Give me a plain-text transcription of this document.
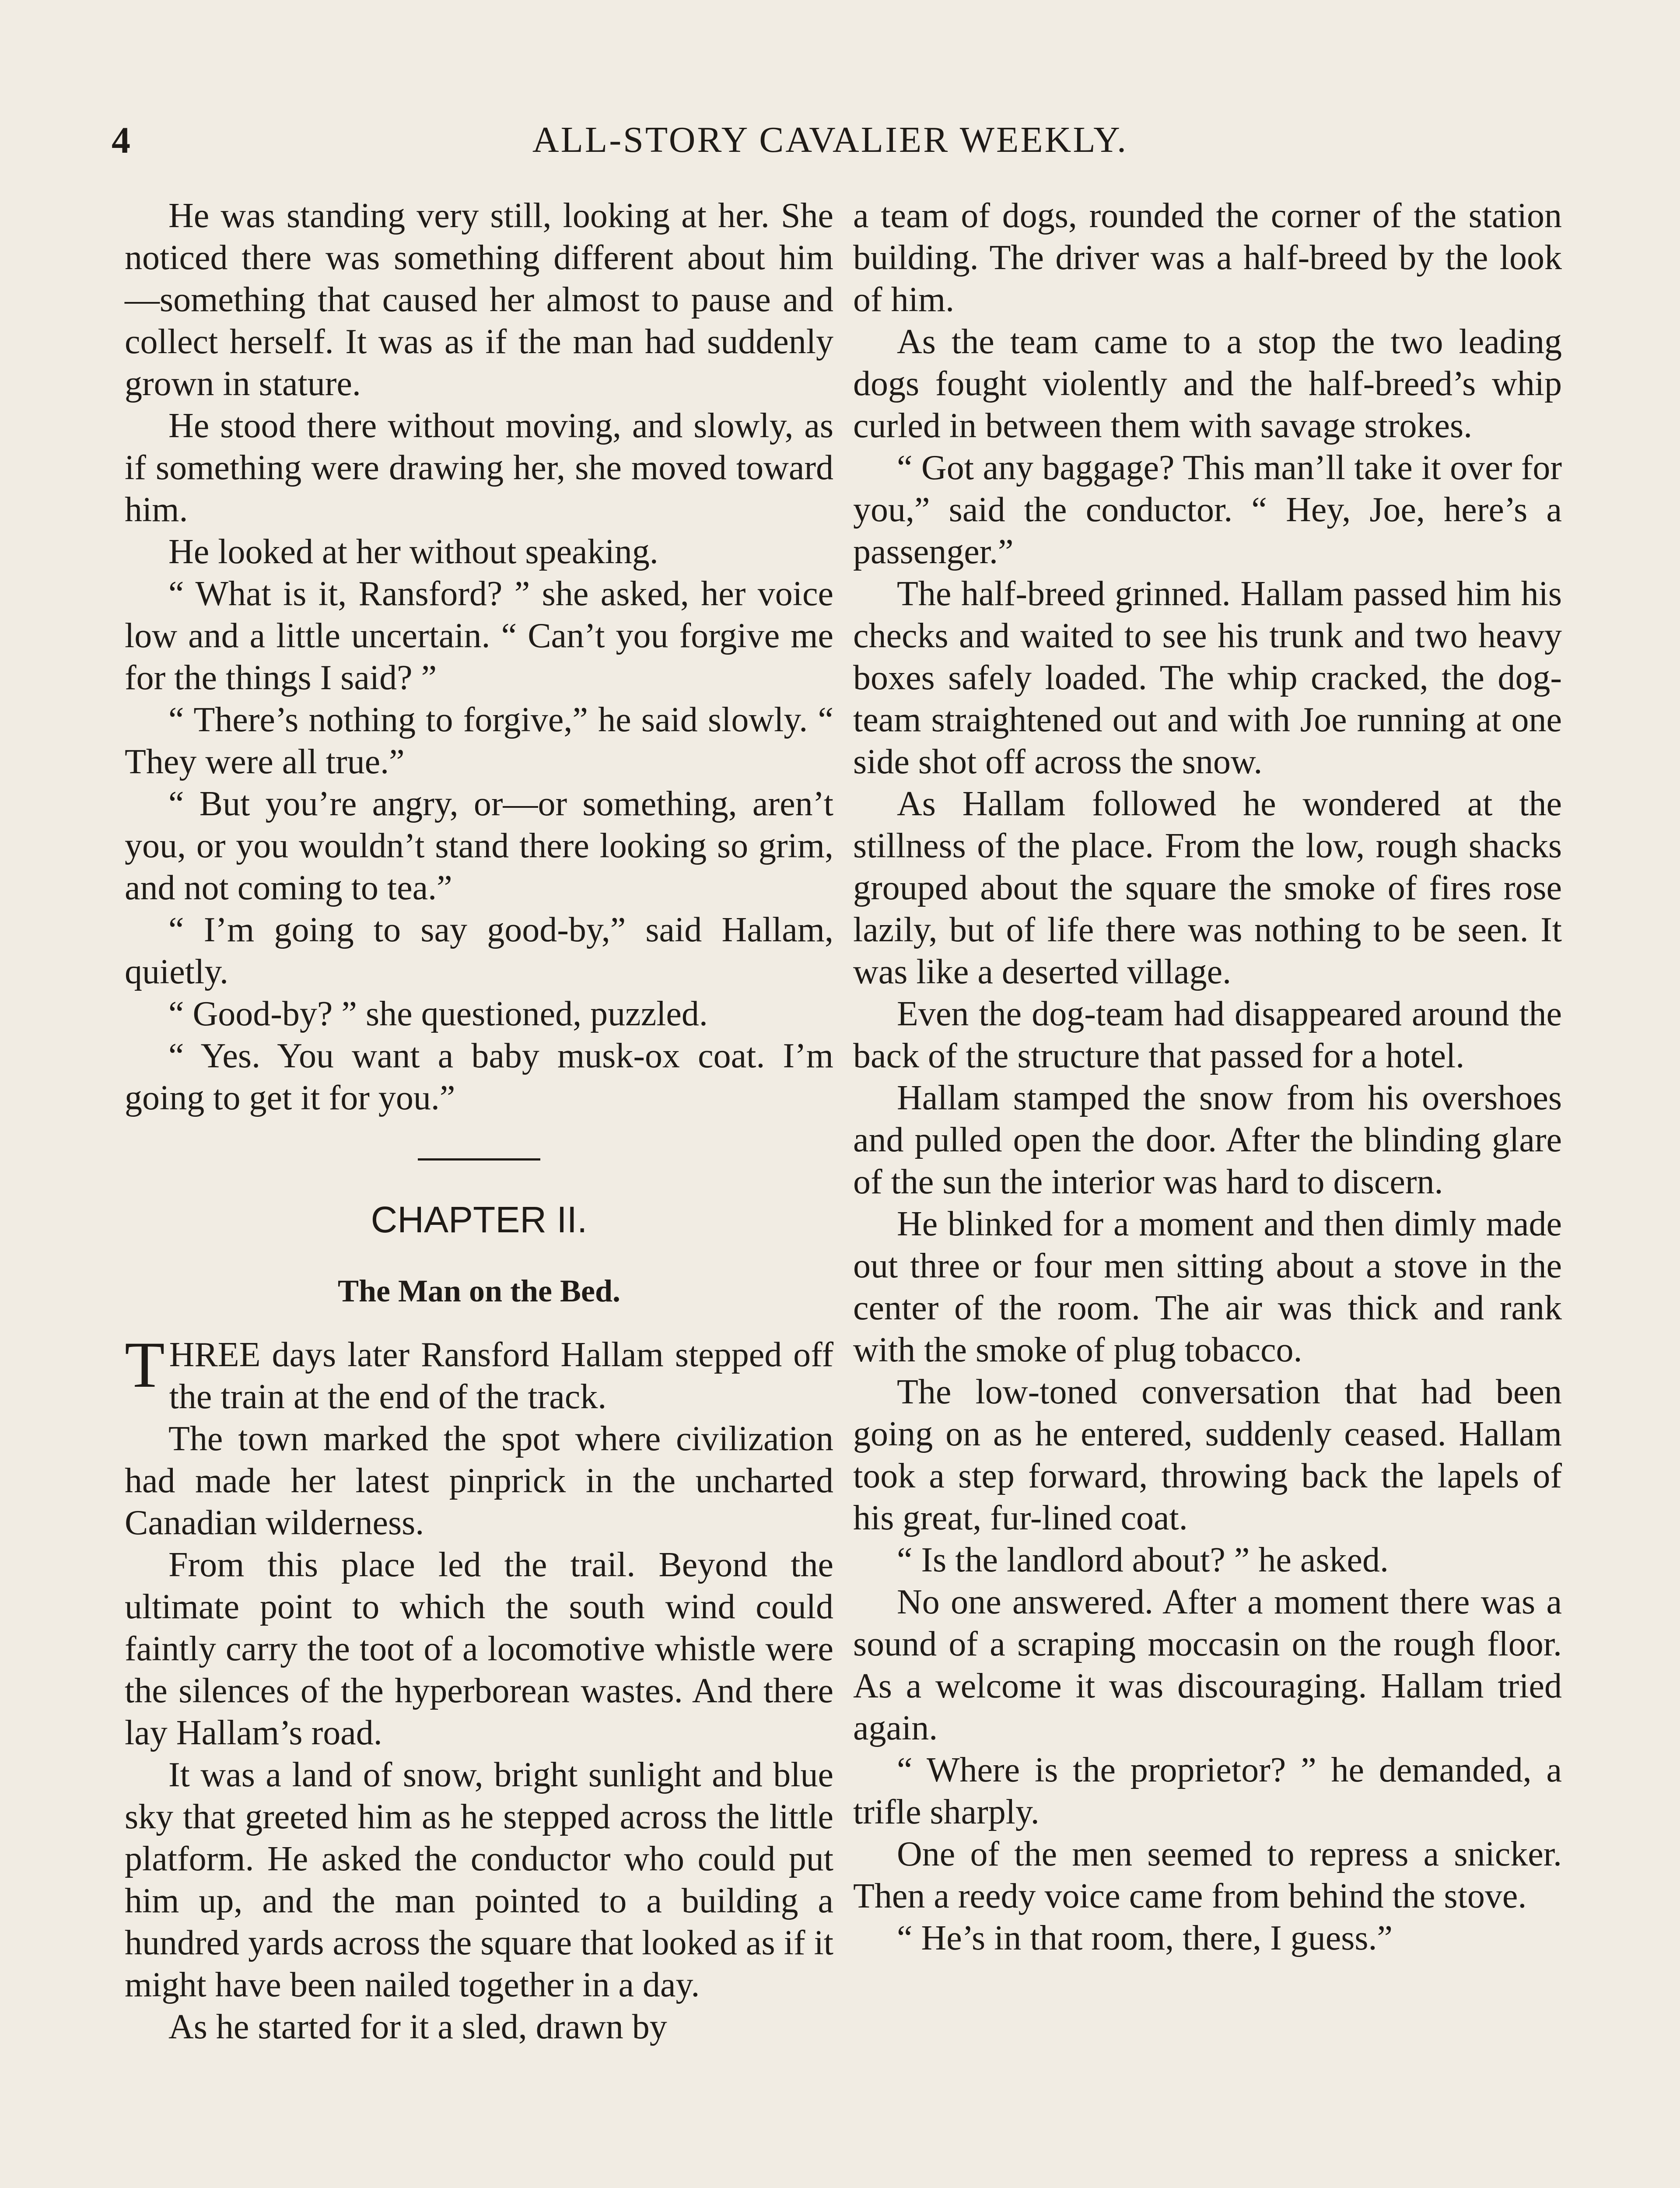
4	ALL-STORY CAVALIER WEEKLY.

He was standing very still, looking at her. She noticed there was something different about him—something that caused her almost to pause and collect herself. It was as if the man had suddenly grown in stature.

He stood there without moving, and slowly, as if something were drawing her, she moved toward him.

He looked at her without speaking.

“ What is it, Ransford? ” she asked, her voice low and a little uncertain. “ Can’t you forgive me for the things I said? ”

“ There’s nothing to forgive,” he said slowly. “ They were all true.”

“ But you’re angry, or—or something, aren’t you, or you wouldn’t stand there looking so grim, and not coming to tea.”

“ I’m going to say good-by,” said Hallam, quietly.

“ Good-by? ” she questioned, puzzled.

“ Yes. You want a baby musk-ox coat. I’m going to get it for you.”

CHAPTER II.
The Man on the Bed.

THREE days later Ransford Hallam stepped off the train at the end of the track.

The town marked the spot where civilization had made her latest pinprick in the uncharted Canadian wilderness.

From this place led the trail. Beyond the ultimate point to which the south wind could faintly carry the toot of a locomotive whistle were the silences of the hyperborean wastes. And there lay Hallam’s road.

It was a land of snow, bright sunlight and blue sky that greeted him as he stepped across the little platform. He asked the conductor who could put him up, and the man pointed to a building a hundred yards across the square that looked as if it might have been nailed together in a day.

As he started for it a sled, drawn by

a team of dogs, rounded the corner of the station building. The driver was a half-breed by the look of him.

As the team came to a stop the two leading dogs fought violently and the half-breed’s whip curled in between them with savage strokes.

“ Got any baggage? This man’ll take it over for you,” said the conductor. “ Hey, Joe, here’s a passenger.”

The half-breed grinned. Hallam passed him his checks and waited to see his trunk and two heavy boxes safely loaded. The whip cracked, the dog-team straightened out and with Joe running at one side shot off across the snow.

As Hallam followed he wondered at the stillness of the place. From the low, rough shacks grouped about the square the smoke of fires rose lazily, but of life there was nothing to be seen. It was like a deserted village.

Even the dog-team had disappeared around the back of the structure that passed for a hotel.

Hallam stamped the snow from his overshoes and pulled open the door. After the blinding glare of the sun the interior was hard to discern.

He blinked for a moment and then dimly made out three or four men sitting about a stove in the center of the room. The air was thick and rank with the smoke of plug tobacco.

The low-toned conversation that had been going on as he entered, suddenly ceased. Hallam took a step forward, throwing back the lapels of his great, fur-lined coat.

“ Is the landlord about? ” he asked.

No one answered. After a moment there was a sound of a scraping moccasin on the rough floor. As a welcome it was discouraging. Hallam tried again.

“ Where is the proprietor? ” he demanded, a trifle sharply.

One of the men seemed to repress a snicker. Then a reedy voice came from behind the stove.

“ He’s in that room, there, I guess.”
